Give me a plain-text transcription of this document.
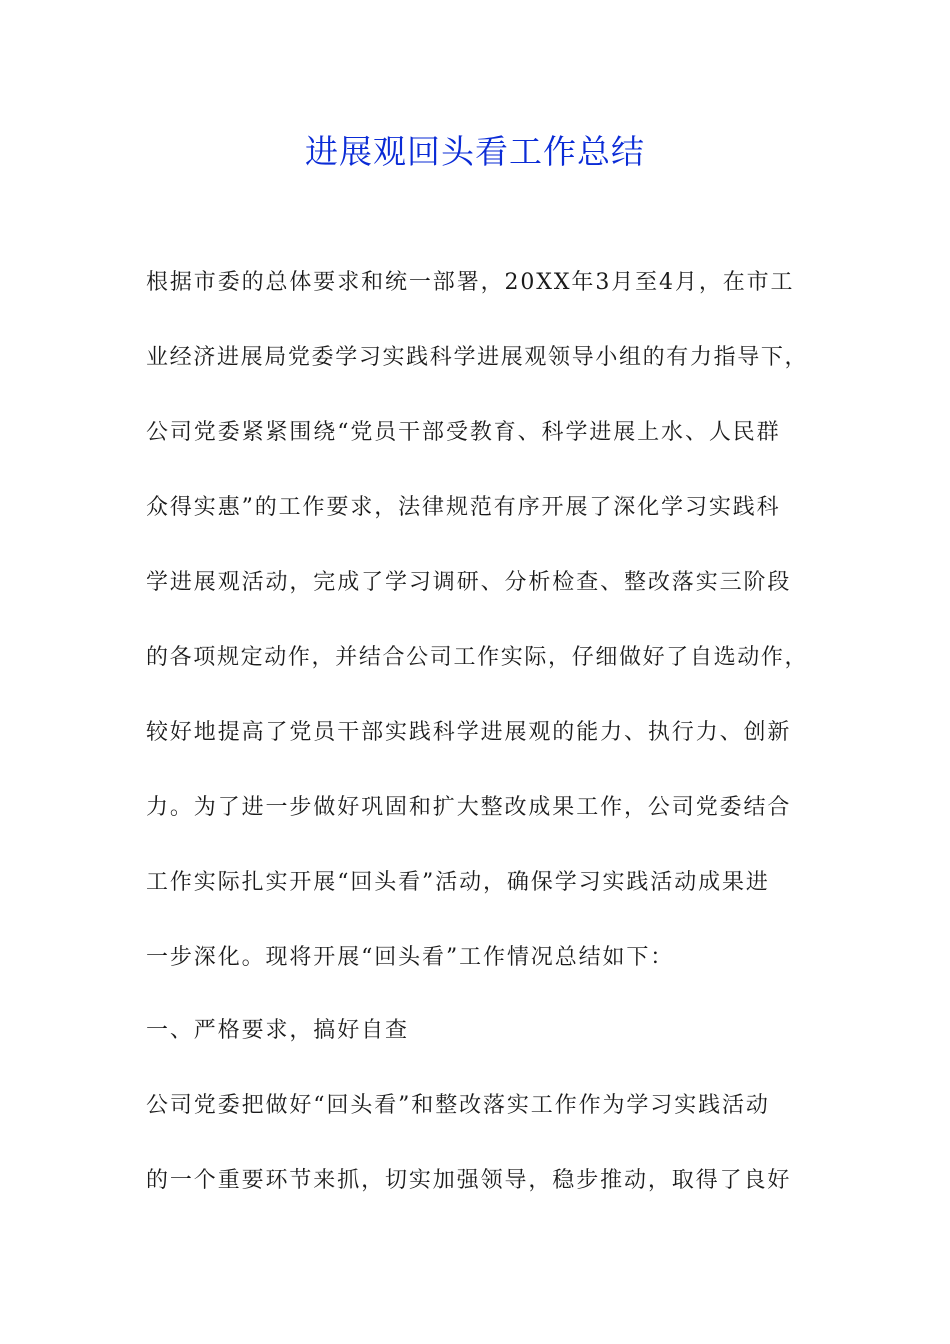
进展观回头看工作总结
根据市委的总体要求和统一部署，20XX年3月至4月，在市工
业经济进展局党委学习实践科学进展观领导小组的有力指导下，
公司党委紧紧围绕“党员干部受教育、科学进展上水、人民群
众得实惠”的工作要求，法律规范有序开展了深化学习实践科
学进展观活动，完成了学习调研、分析检查、整改落实三阶段
的各项规定动作，并结合公司工作实际，仔细做好了自选动作，
较好地提高了党员干部实践科学进展观的能力、执行力、创新
力。为了进一步做好巩固和扩大整改成果工作，公司党委结合
工作实际扎实开展“回头看”活动，确保学习实践活动成果进
一步深化。现将开展“回头看”工作情况总结如下：
一、严格要求，搞好自查
公司党委把做好“回头看”和整改落实工作作为学习实践活动
的一个重要环节来抓，切实加强领导，稳步推动，取得了良好
